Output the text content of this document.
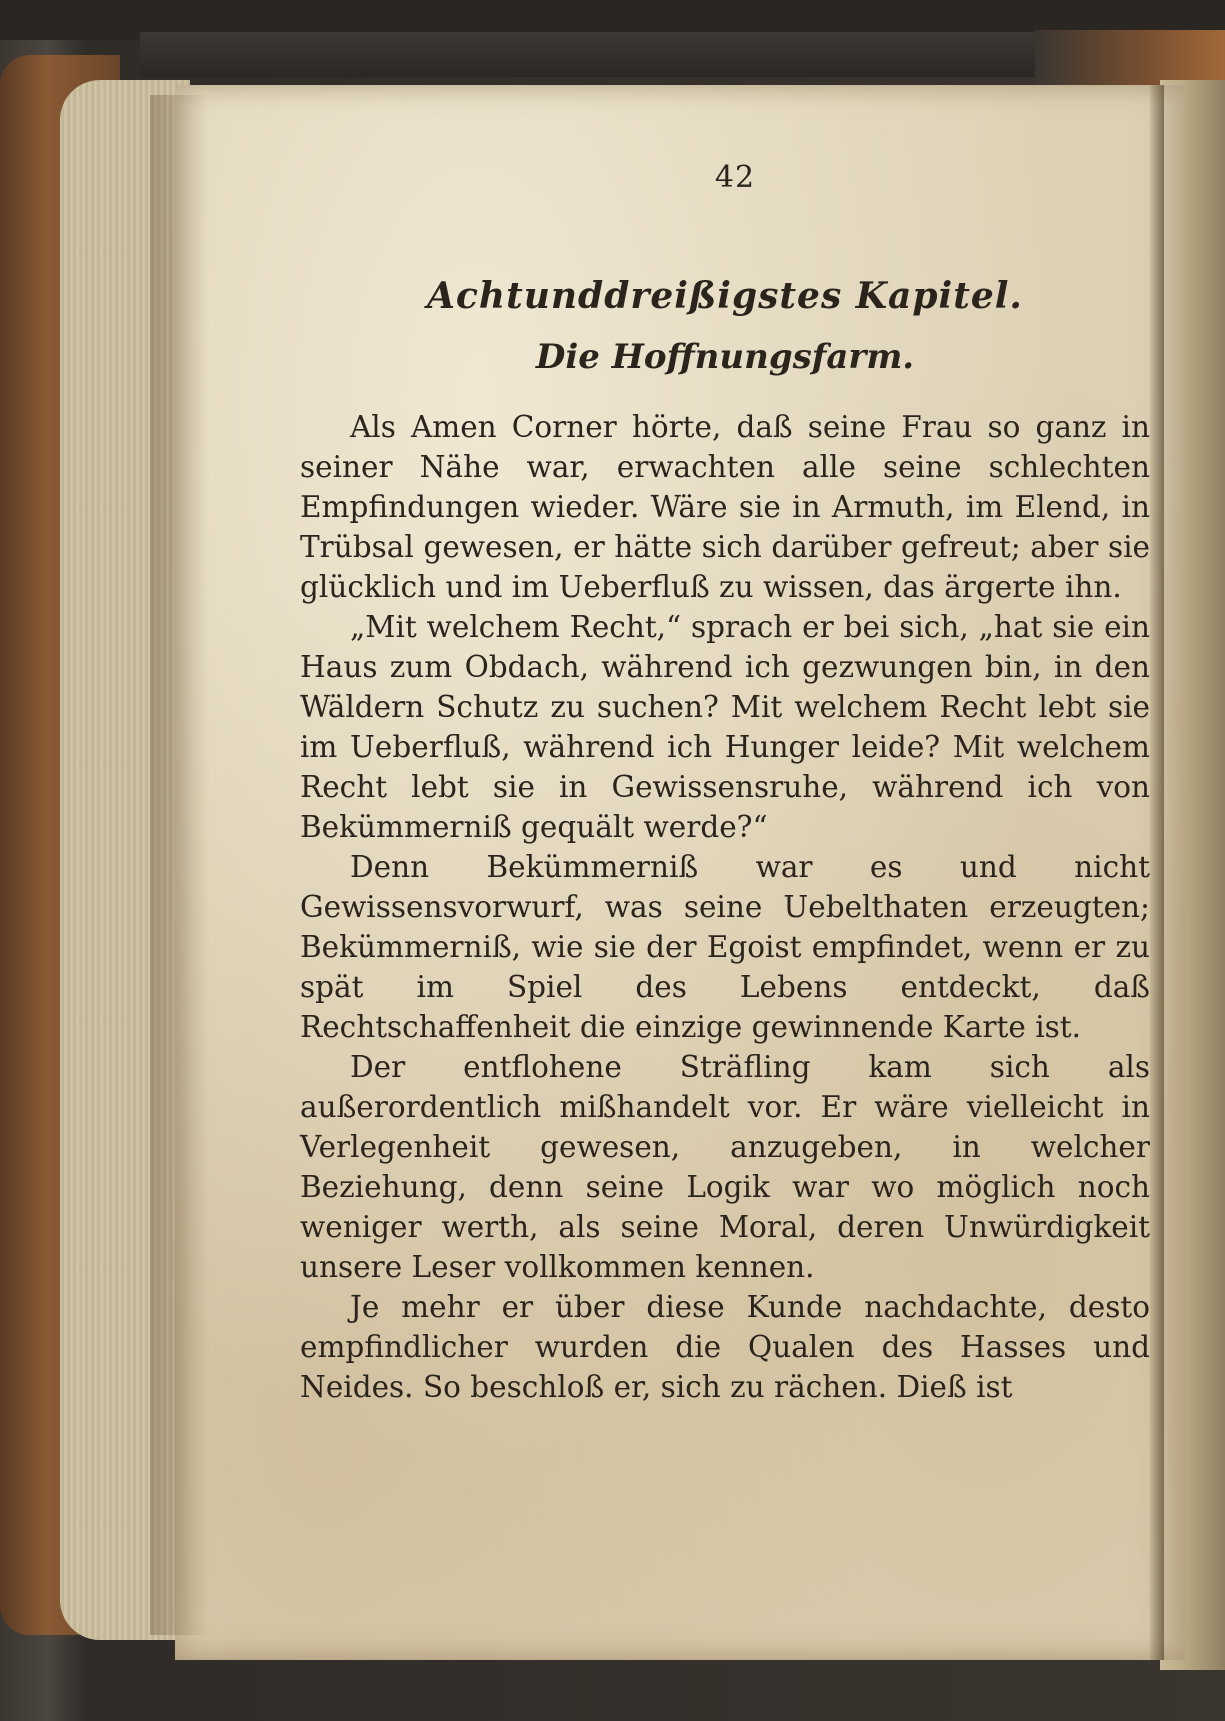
42
Achtunddreißigstes Kapitel.
Die Hoffnungsfarm.

Als Amen Corner hörte, daß seine Frau so ganz in seiner Nähe war, erwachten alle seine schlechten Empfindungen wieder. Wäre sie in Armuth, im Elend, in Trübsal gewesen, er hätte sich darüber gefreut; aber sie glücklich und im Ueberfluß zu wissen, das ärgerte ihn.

„Mit welchem Recht,“ sprach er bei sich, „hat sie ein Haus zum Obdach, während ich gezwungen bin, in den Wäldern Schutz zu suchen? Mit welchem Recht lebt sie im Ueberfluß, während ich Hunger leide? Mit welchem Recht lebt sie in Gewissensruhe, während ich von Bekümmerniß gequält werde?“

Denn Bekümmerniß war es und nicht Gewissensvorwurf, was seine Uebelthaten erzeugten; Bekümmerniß, wie sie der Egoist empfindet, wenn er zu spät im Spiel des Lebens entdeckt, daß Rechtschaffenheit die einzige gewinnende Karte ist.

Der entflohene Sträfling kam sich als außerordentlich mißhandelt vor. Er wäre vielleicht in Verlegenheit gewesen, anzugeben, in welcher Beziehung, denn seine Logik war wo möglich noch weniger werth, als seine Moral, deren Unwürdigkeit unsere Leser vollkommen kennen.

Je mehr er über diese Kunde nachdachte, desto empfindlicher wurden die Qualen des Hasses und Neides. So beschloß er, sich zu rächen. Dieß ist
